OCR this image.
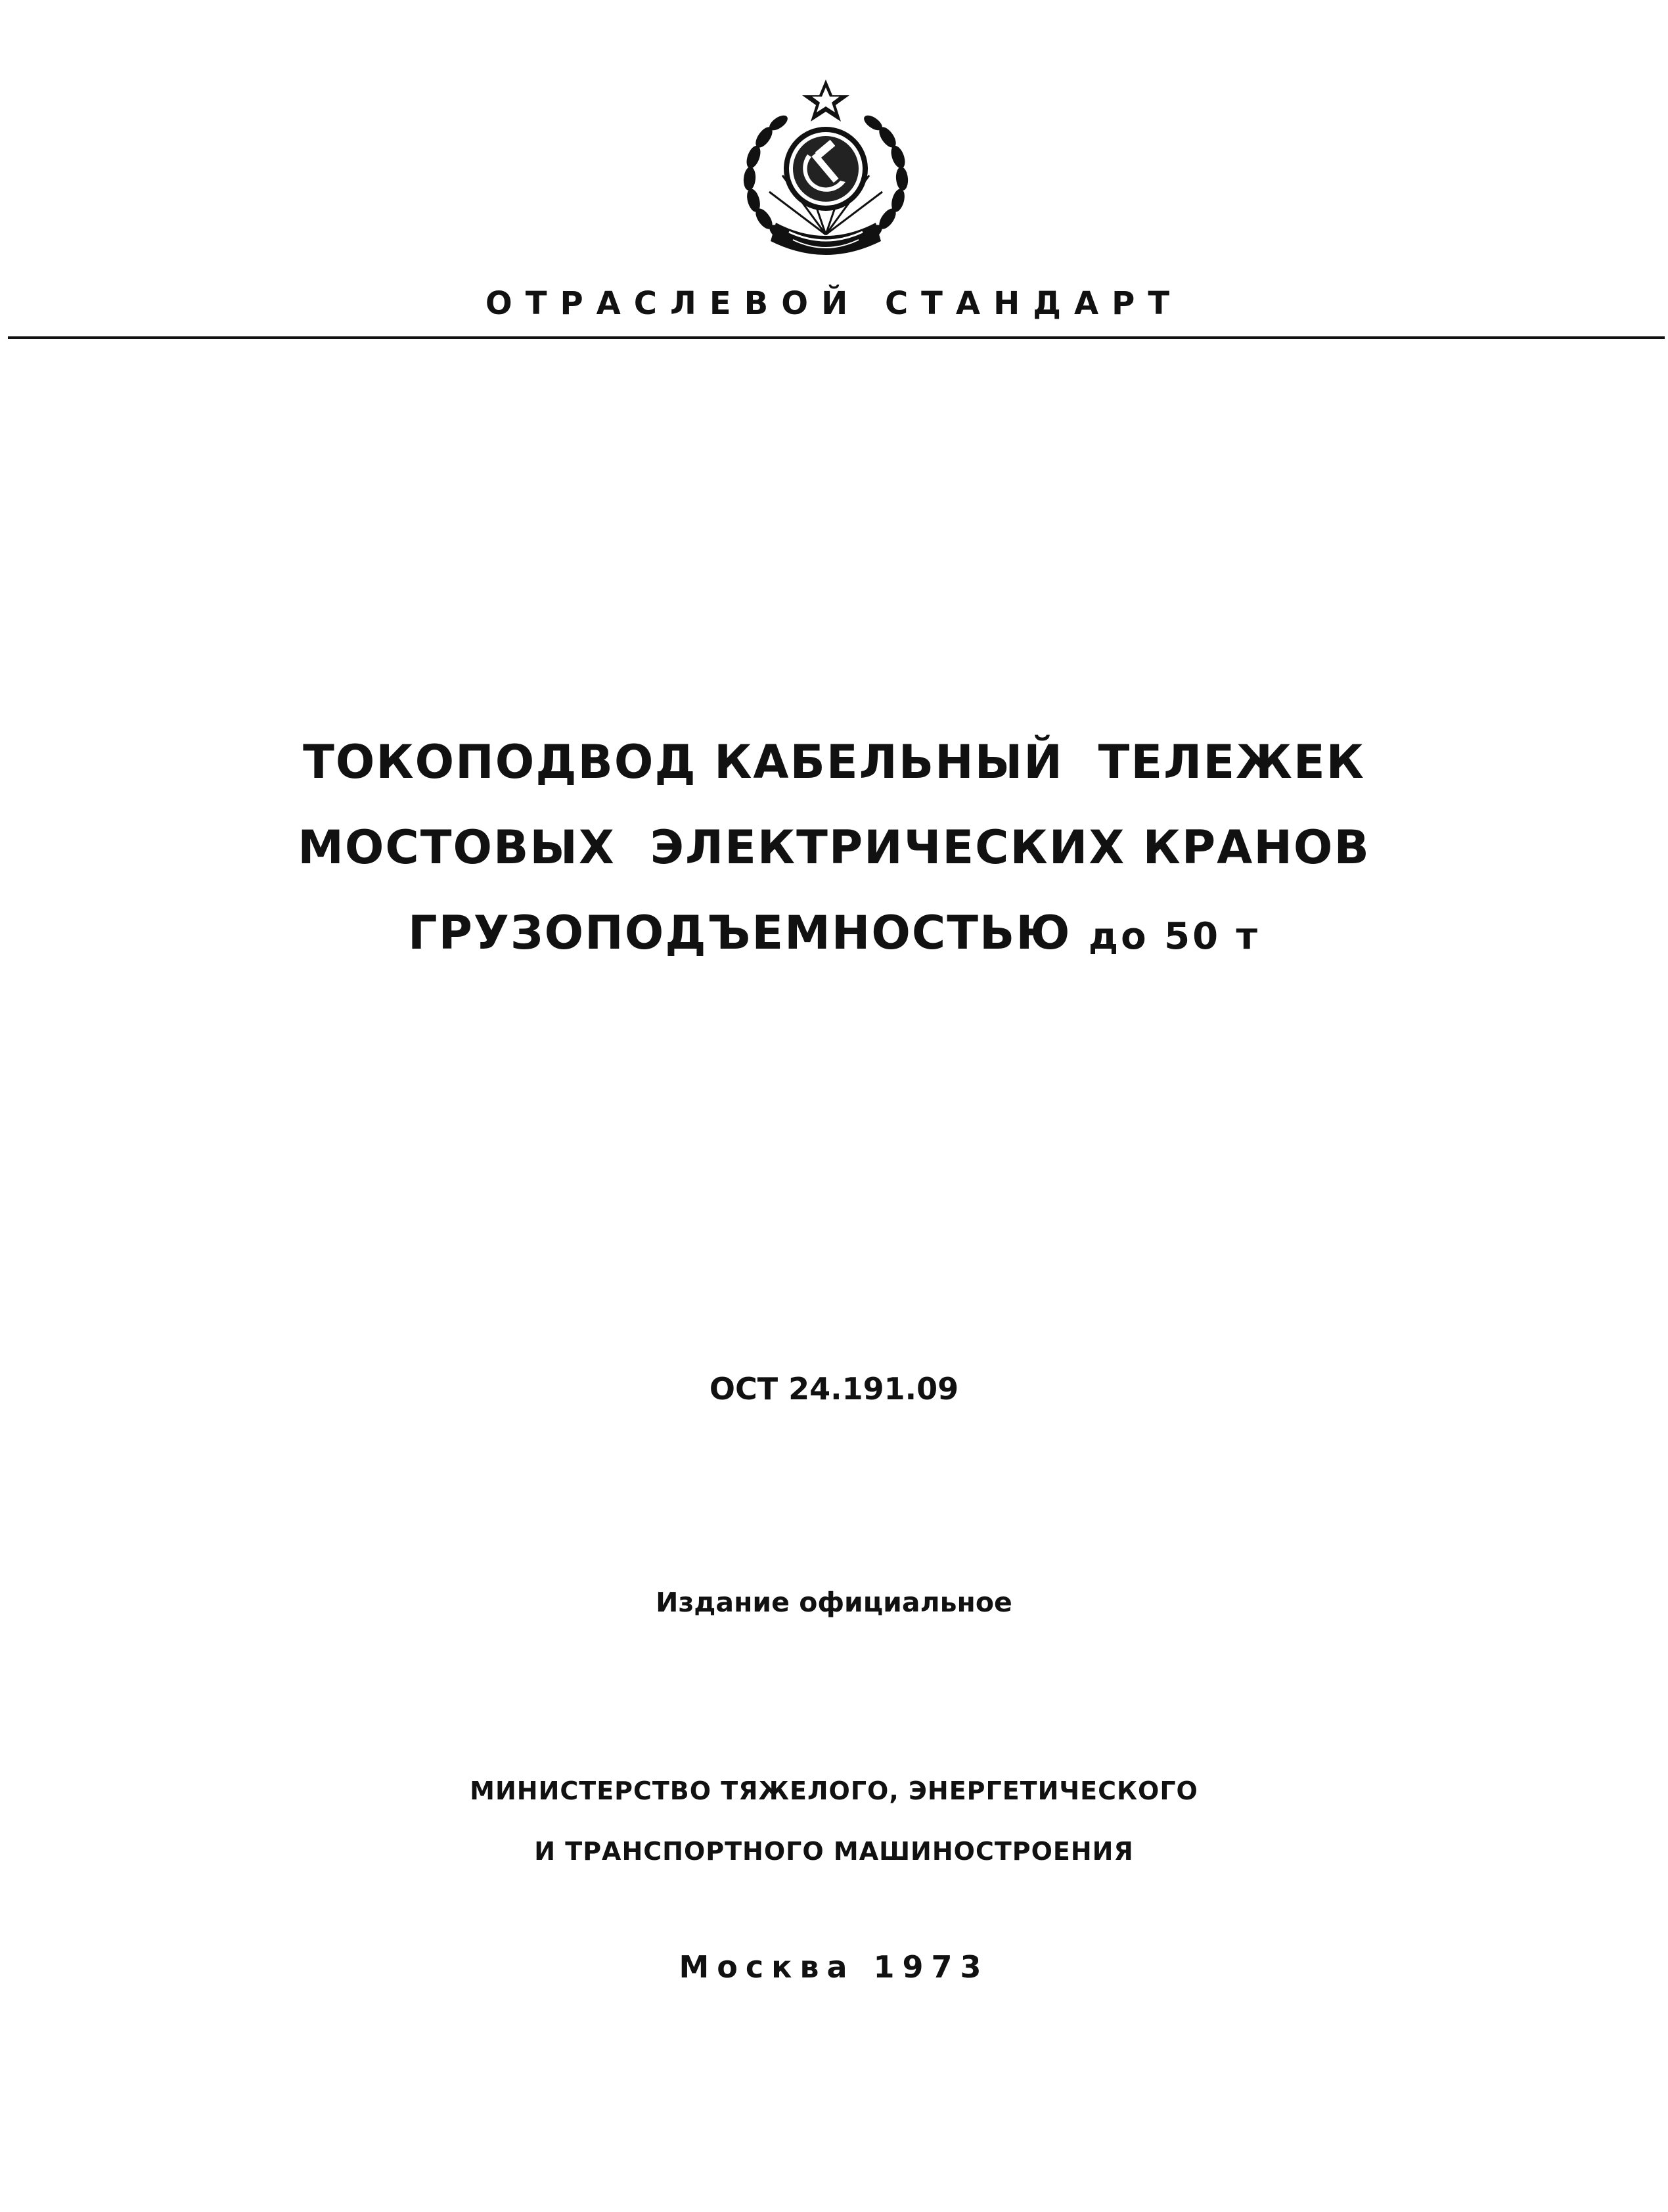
ОТРАСЛЕВОЙ СТАНДАРТ
ТОКОПОДВОД КАБЕЛЬНЫЙ  ТЕЛЕЖЕК
МОСТОВЫХ  ЭЛЕКТРИЧЕСКИХ КРАНОВ
ГРУЗОПОДЪЕМНОСТЬЮ до 50 т
ОСТ 24.191.09
Издание официальное
МИНИСТЕРСТВО ТЯЖЕЛОГО, ЭНЕРГЕТИЧЕСКОГО
И ТРАНСПОРТНОГО МАШИНОСТРОЕНИЯ
Москва 1973
